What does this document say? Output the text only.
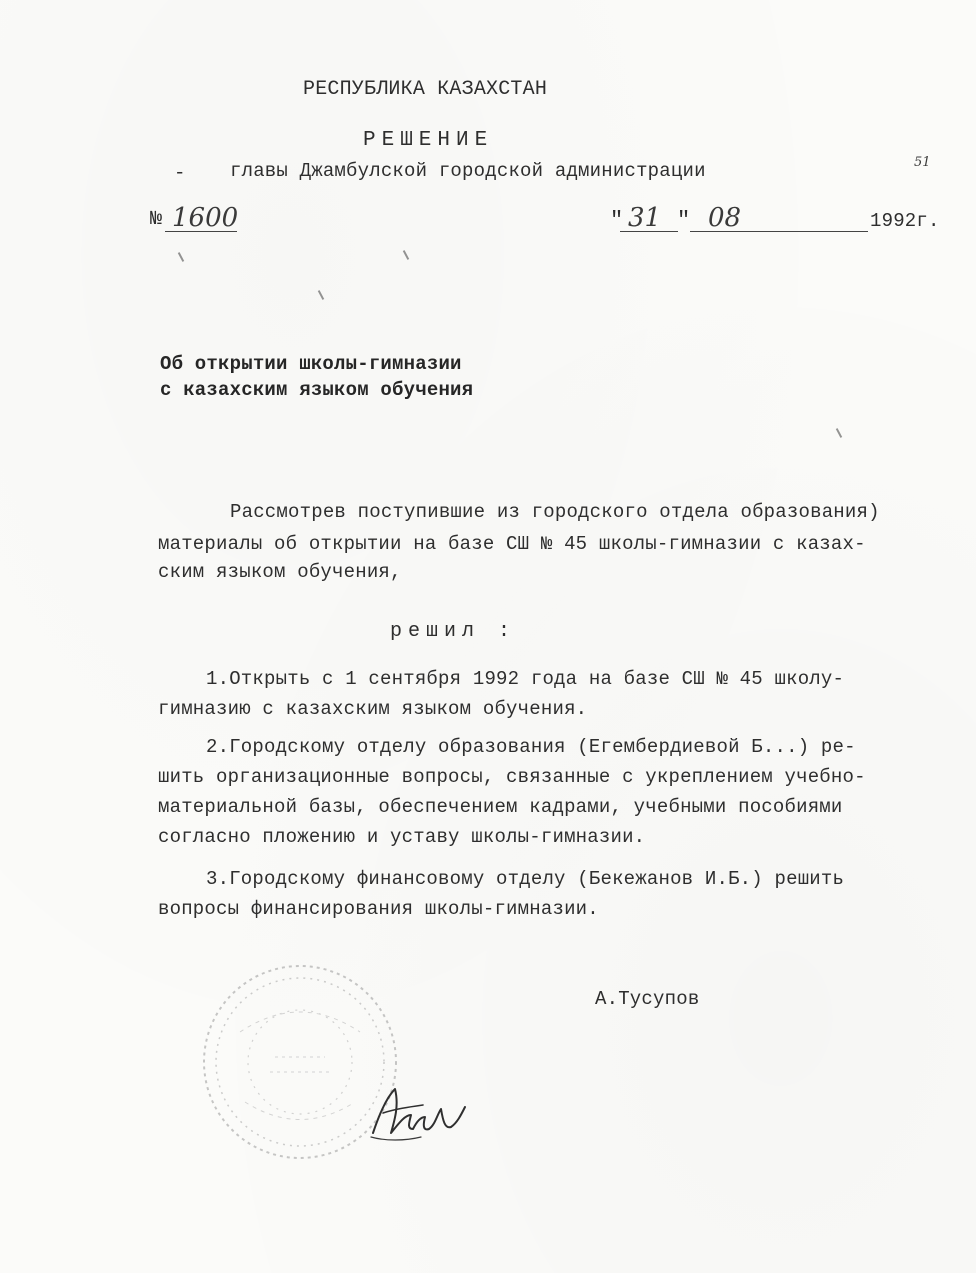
РЕСПУБЛИКА КАЗАХСТАН
РЕШЕНИЕ
- главы Джамбулской городской администрации	51
№ 1600	" 31 " 08	1992г.
Об открытии школы-гимназии
с казахским языком обучения
Рассмотрев поступившие из городского отдела образования)
материалы об открытии на базе СШ № 45 школы-гимназии с казах-
ским языком обучения,
решил :
1.Открыть с 1 сентября 1992 года на базе СШ № 45 школу-
гимназию с казахским языком обучения.
2.Городскому отделу образования (Егембердиевой Б...) ре-
шить организационные вопросы, связанные с укреплением учебно-
материальной базы, обеспечением кадрами, учебными пособиями
согласно пложению и уставу школы-гимназии.
3.Городскому финансовому отделу (Бекежанов И.Б.) решить
вопросы финансирования школы-гимназии.
А.Тусупов
